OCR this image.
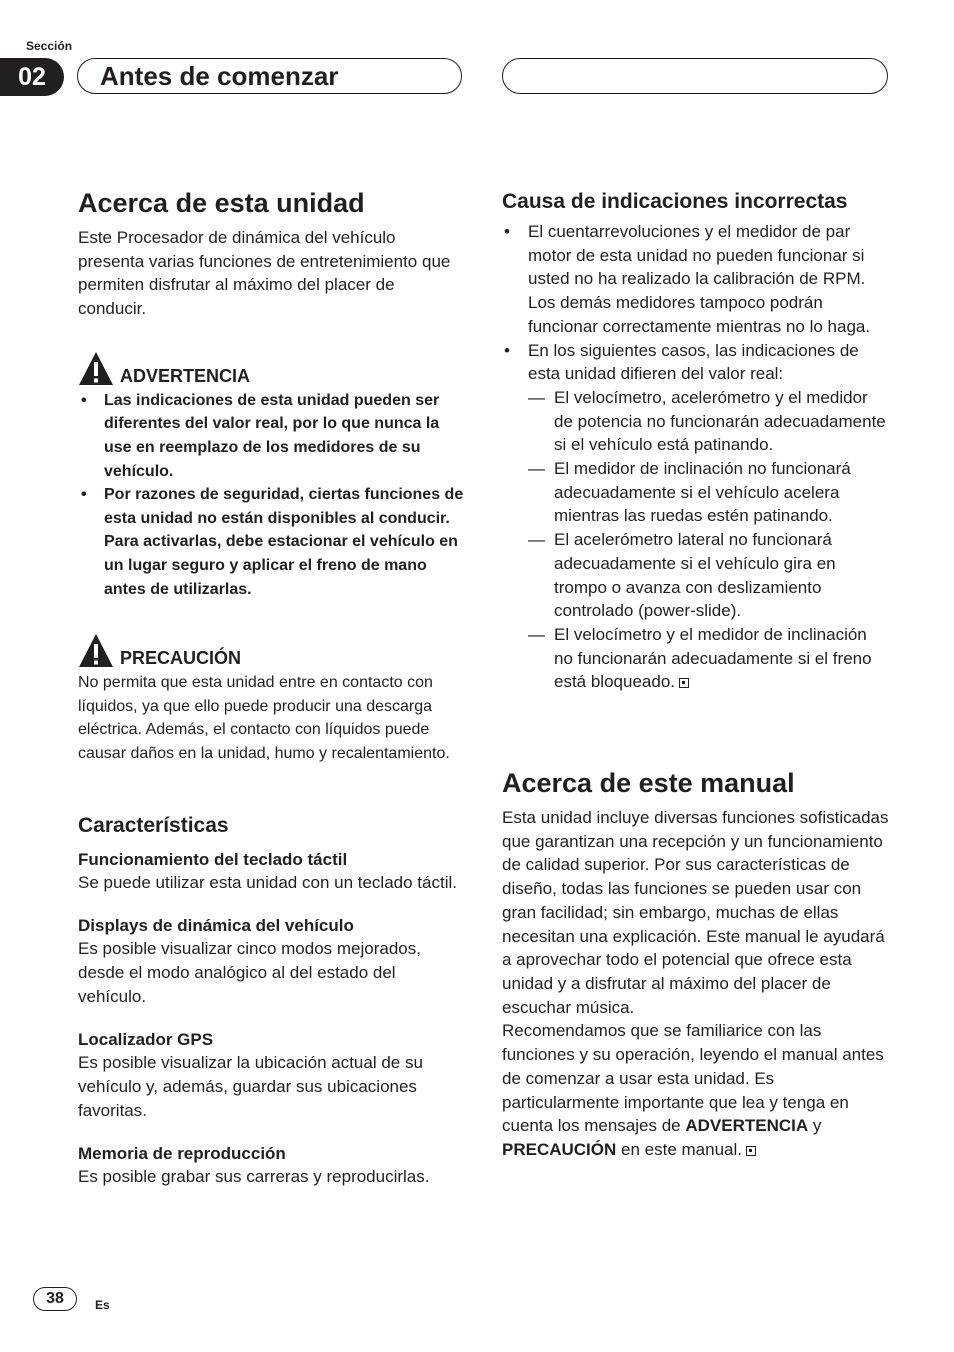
Sección
02	Antes de comenzar
Acerca de esta unidad

Este Procesador de dinámica del vehículo presenta varias funciones de entretenimiento que permiten disfrutar al máximo del placer de conducir.

ADVERTENCIA
• Las indicaciones de esta unidad pueden ser diferentes del valor real, por lo que nunca la use en reemplazo de los medidores de su vehículo.
• Por razones de seguridad, ciertas funciones de esta unidad no están disponibles al conducir. Para activarlas, debe estacionar el vehículo en un lugar seguro y aplicar el freno de mano antes de utilizarlas.
PRECAUCIÓN

No permita que esta unidad entre en contacto con líquidos, ya que ello puede producir una descarga eléctrica. Además, el contacto con líquidos puede causar daños en la unidad, humo y recalentamiento.

Características
Funcionamiento del teclado táctil

Se puede utilizar esta unidad con un teclado táctil.

Displays de dinámica del vehículo

Es posible visualizar cinco modos mejorados, desde el modo analógico al del estado del vehículo.

Localizador GPS

Es posible visualizar la ubicación actual de su vehículo y, además, guardar sus ubicaciones favoritas.

Memoria de reproducción

Es posible grabar sus carreras y reproducirlas.

Causa de indicaciones incorrectas
• El cuentarrevoluciones y el medidor de par motor de esta unidad no pueden funcionar si usted no ha realizado la calibración de RPM. Los demás medidores tampoco podrán funcionar correctamente mientras no lo haga.
• En los siguientes casos, las indicaciones de esta unidad difieren del valor real:
— El velocímetro, acelerómetro y el medidor de potencia no funcionarán adecuadamente si el vehículo está patinando.
— El medidor de inclinación no funcionará adecuadamente si el vehículo acelera mientras las ruedas estén patinando.
— El acelerómetro lateral no funcionará adecuadamente si el vehículo gira en trompo o avanza con deslizamiento controlado (power-slide).
— El velocímetro y el medidor de inclinación no funcionarán adecuadamente si el freno está bloqueado.
Acerca de este manual

Esta unidad incluye diversas funciones sofisticadas que garantizan una recepción y un funcionamiento de calidad superior. Por sus características de diseño, todas las funciones se pueden usar con gran facilidad; sin embargo, muchas de ellas necesitan una explicación. Este manual le ayudará a aprovechar todo el potencial que ofrece esta unidad y a disfrutar al máximo del placer de escuchar música.

Recomendamos que se familiarice con las funciones y su operación, leyendo el manual antes de comenzar a usar esta unidad. Es particularmente importante que lea y tenga en cuenta los mensajes de ADVERTENCIA y PRECAUCIÓN en este manual.

38	Es
